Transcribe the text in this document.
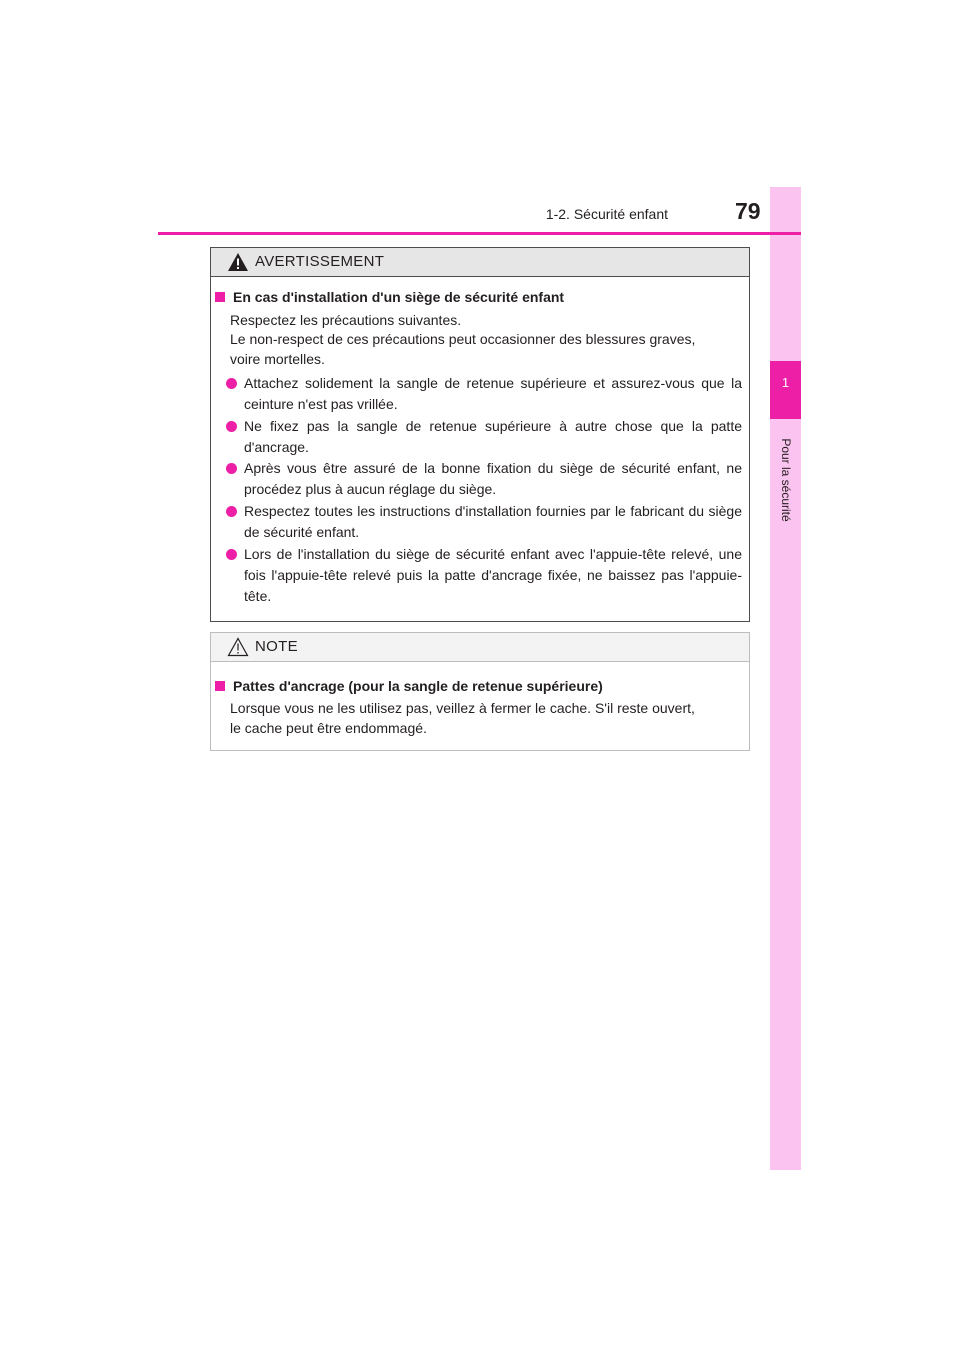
1
Pour la sécurité
1-2. Sécurité enfant	79
AVERTISSEMENT
En cas d'installation d'un siège de sécurité enfant
Respectez les précautions suivantes.
Le non-respect de ces précautions peut occasionner des blessures graves,
voire mortelles.
Attachez solidement la sangle de retenue supérieure et assurez-vous que la ceinture n'est pas vrillée.
Ne fixez pas la sangle de retenue supérieure à autre chose que la patte d'ancrage.
Après vous être assuré de la bonne fixation du siège de sécurité enfant, ne procédez plus à aucun réglage du siège.
Respectez toutes les instructions d'installation fournies par le fabricant du siège de sécurité enfant.
Lors de l'installation du siège de sécurité enfant avec l'appuie-tête relevé, une fois l'appuie-tête relevé puis la patte d'ancrage fixée, ne baissez pas l'appuie-tête.
NOTE
Pattes d'ancrage (pour la sangle de retenue supérieure)
Lorsque vous ne les utilisez pas, veillez à fermer le cache. S'il reste ouvert,
le cache peut être endommagé.
